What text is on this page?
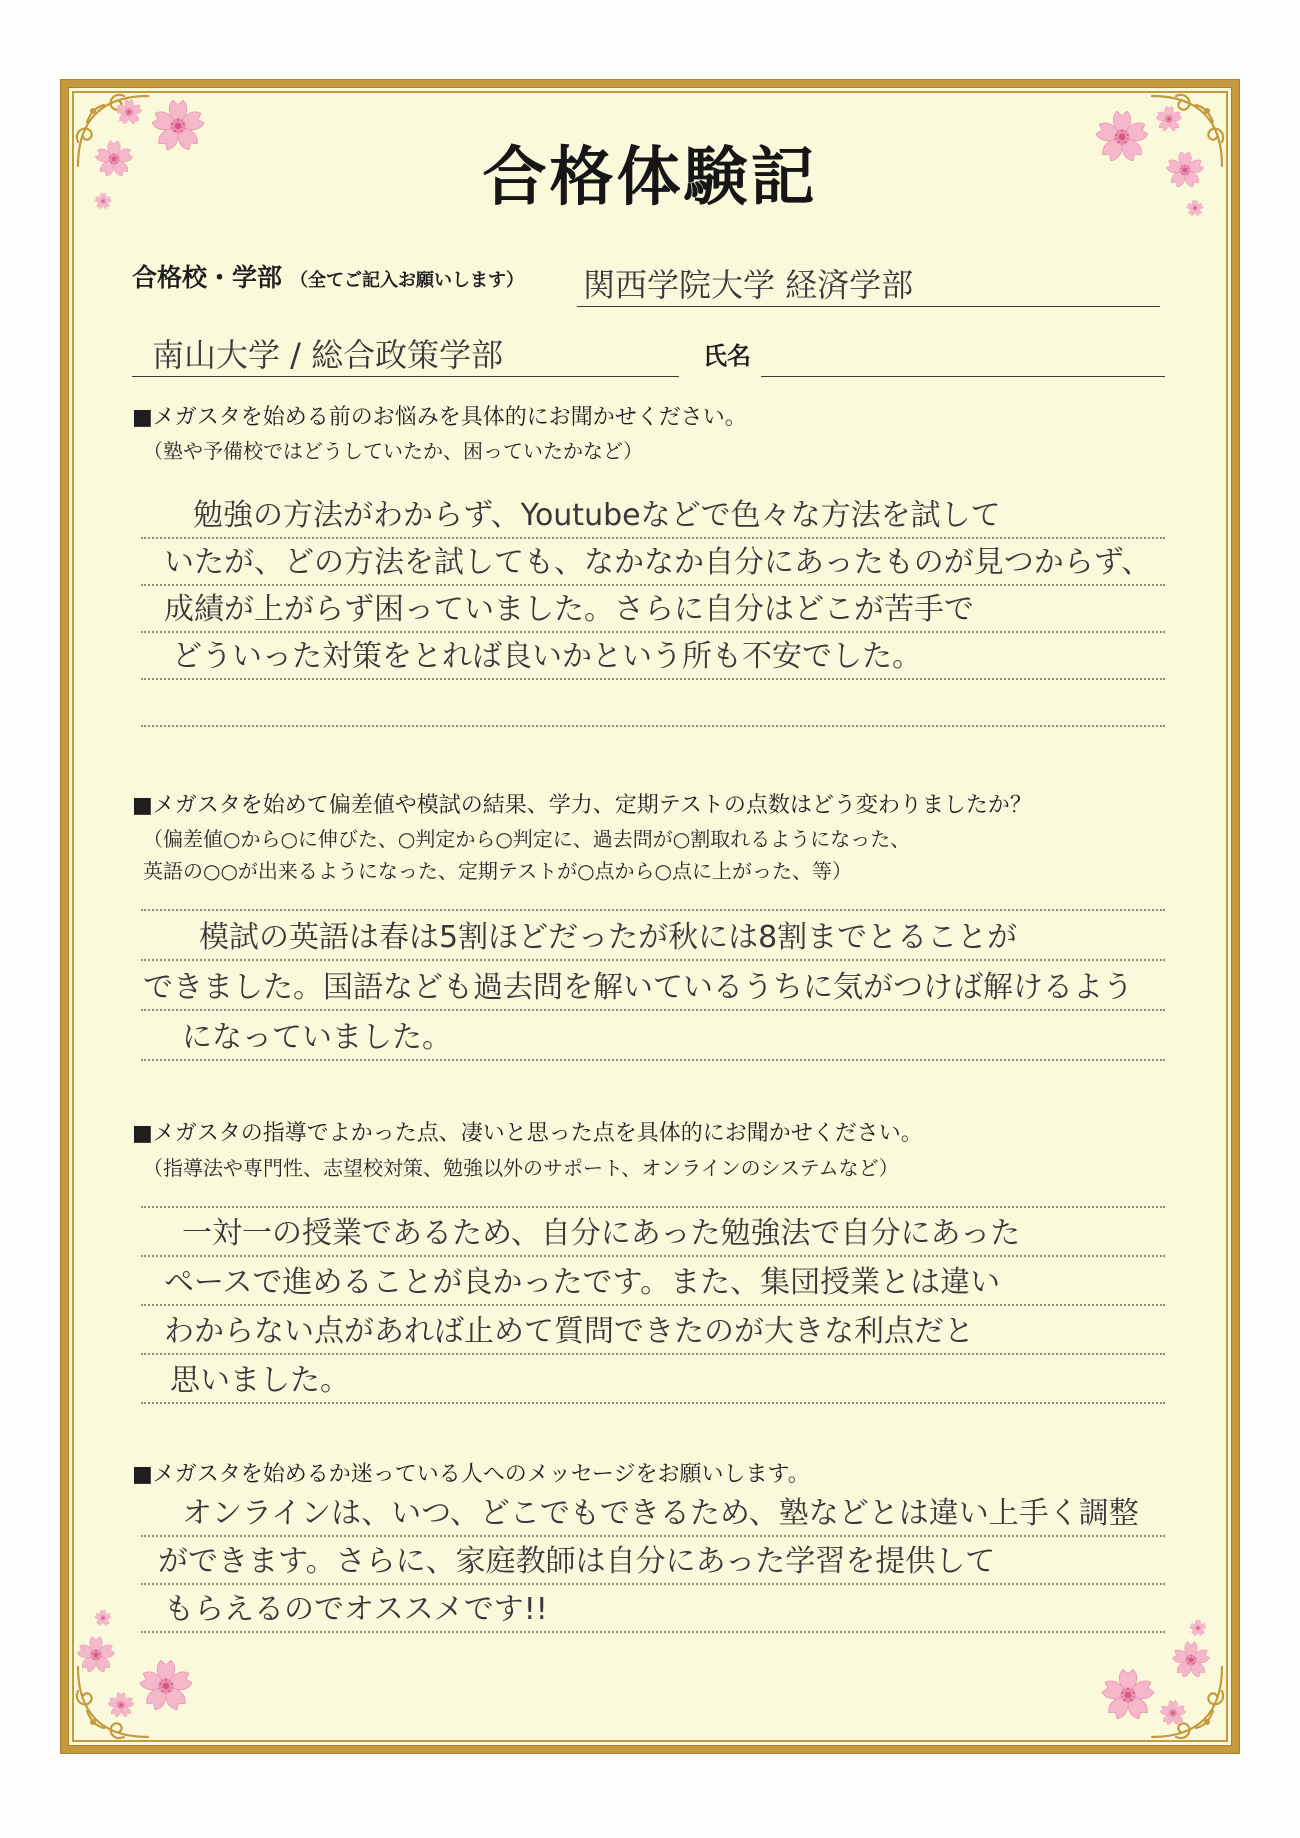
合格体験記
合格校・学部 （全てご記入お願いします） 関西学院大学 経済学部
南山大学 / 総合政策学部	氏名
■メガスタを始める前のお悩みを具体的にお聞かせください。
（塾や予備校ではどうしていたか、困っていたかなど）
勉強の方法がわからず、Youtubeなどで色々な方法を試して
いたが、どの方法を試しても、なかなか自分にあったものが見つからず、
成績が上がらず困っていました。さらに自分はどこが苦手で
どういった対策をとれば良いかという所も不安でした。
■メガスタを始めて偏差値や模試の結果、学力、定期テストの点数はどう変わりましたか？
（偏差値○から○に伸びた、○判定から○判定に、過去問が○割取れるようになった、
英語の○○が出来るようになった、定期テストが○点から○点に上がった、等）
模試の英語は春は5割ほどだったが秋には8割までとることが
できました。国語なども過去問を解いているうちに気がつけば解けるよう
になっていました。
■メガスタの指導でよかった点、凄いと思った点を具体的にお聞かせください。
（指導法や専門性、志望校対策、勉強以外のサポート、オンラインのシステムなど）
一対一の授業であるため、自分にあった勉強法で自分にあった
ペースで進めることが良かったです。また、集団授業とは違い
わからない点があれば止めて質問できたのが大きな利点だと
思いました。
■メガスタを始めるか迷っている人へのメッセージをお願いします。
オンラインは、いつ、どこでもできるため、塾などとは違い上手く調整
ができます。さらに、家庭教師は自分にあった学習を提供して
もらえるのでオススメです!!
